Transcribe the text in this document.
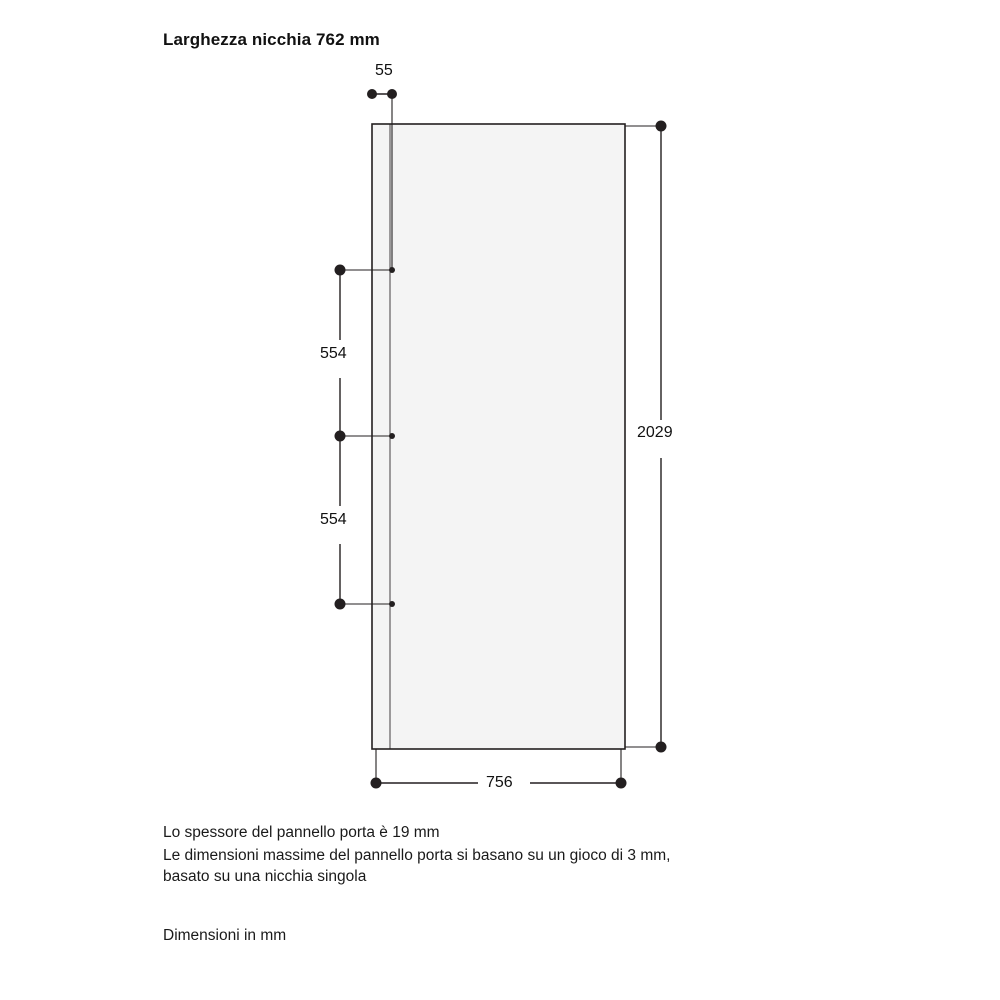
Larghezza nicchia 762 mm
55
554
554
2029
756
Lo spessore del pannello porta è 19 mm
Le dimensioni massime del pannello porta si basano su un gioco di 3 mm,
basato su una nicchia singola
Dimensioni in mm
